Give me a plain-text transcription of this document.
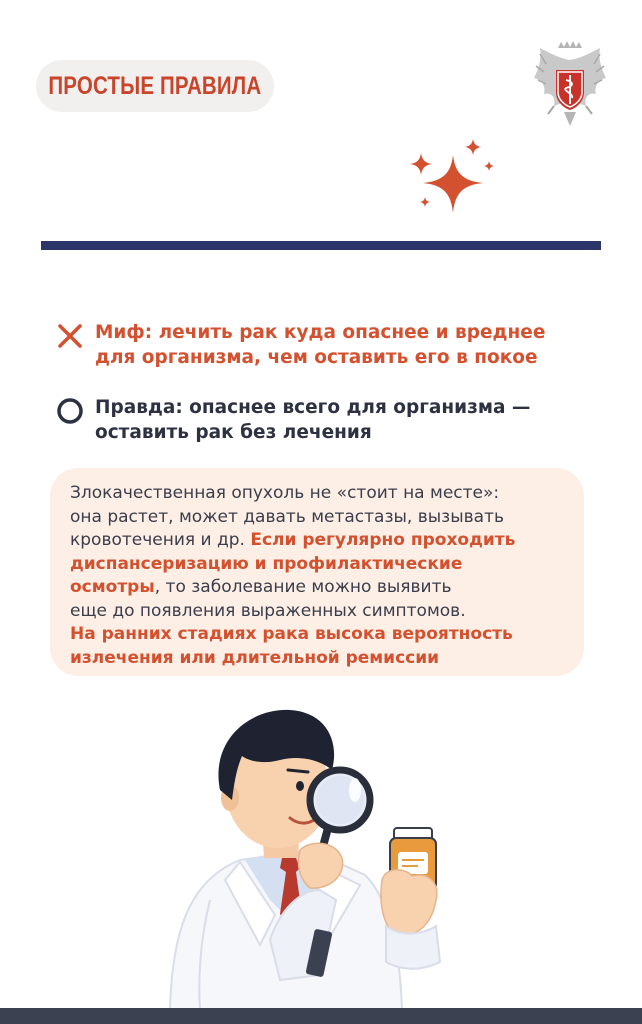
ПРОСТЫЕ ПРАВИЛА
Миф: лечить рак куда опаснее и вреднее
для организма, чем оставить его в покое
Правда: опаснее всего для организма —
оставить рак без лечения
Злокачественная опухоль не «стоит на месте»:
она растет, может давать метастазы, вызывать
кровотечения и др. Если регулярно проходить
диспансеризацию и профилактические
осмотры, то заболевание можно выявить
еще до появления выраженных симптомов.
На ранних стадиях рака высока вероятность
излечения или длительной ремиссии
